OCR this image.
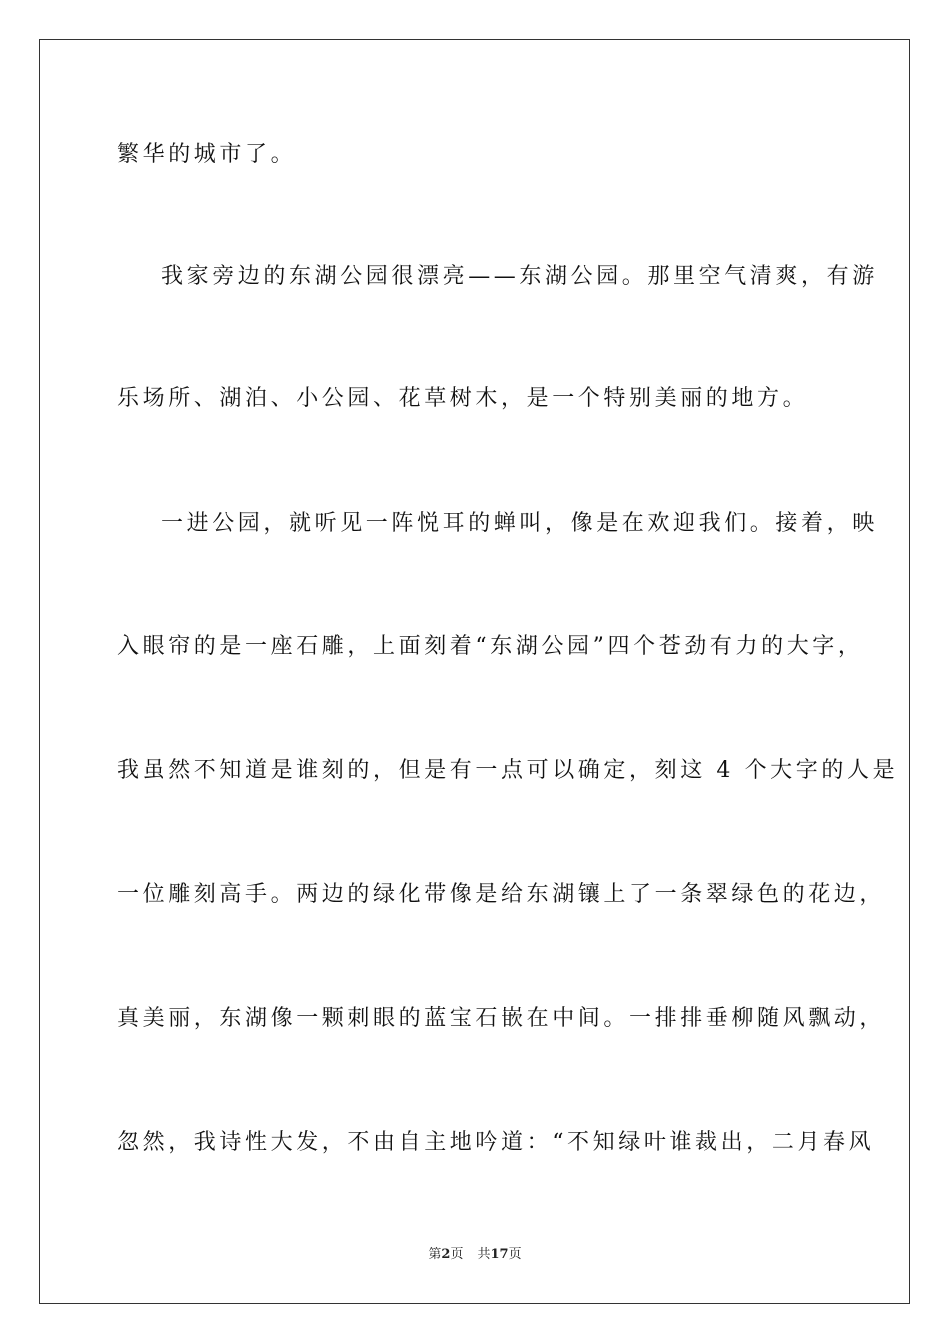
繁华的城市了。
我家旁边的东湖公园很漂亮——东湖公园。那里空气清爽，有游
乐场所、湖泊、小公园、花草树木，是一个特别美丽的地方。
一进公园，就听见一阵悦耳的蝉叫，像是在欢迎我们。接着，映
入眼帘的是一座石雕，上面刻着“东湖公园”四个苍劲有力的大字，
我虽然不知道是谁刻的，但是有一点可以确定，刻这 4 个大字的人是
一位雕刻高手。两边的绿化带像是给东湖镶上了一条翠绿色的花边，
真美丽，东湖像一颗刺眼的蓝宝石嵌在中间。一排排垂柳随风飘动，
忽然，我诗性大发，不由自主地吟道：“不知绿叶谁裁出，二月春风
第2页 共17页
